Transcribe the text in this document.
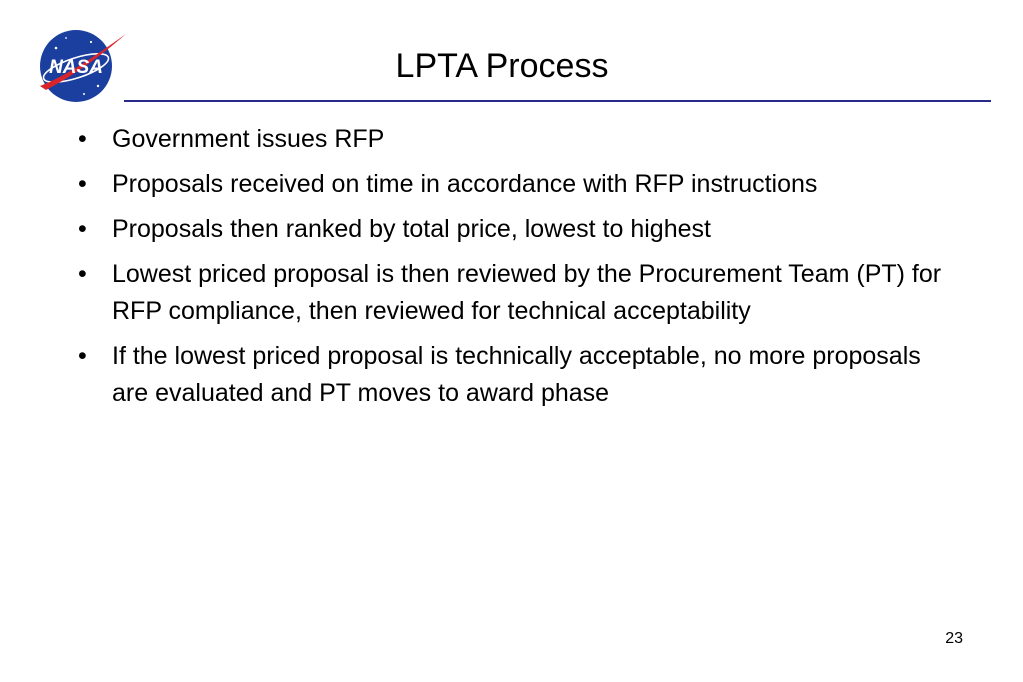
NASA	LPTA Process
• Government issues RFP
• Proposals received on time in accordance with RFP instructions
• Proposals then ranked by total price, lowest to highest
• Lowest priced proposal is then reviewed by the Procurement Team (PT) for RFP compliance, then reviewed for technical acceptability
• If the lowest priced proposal is technically acceptable, no more proposals are evaluated and PT moves to award phase
23
